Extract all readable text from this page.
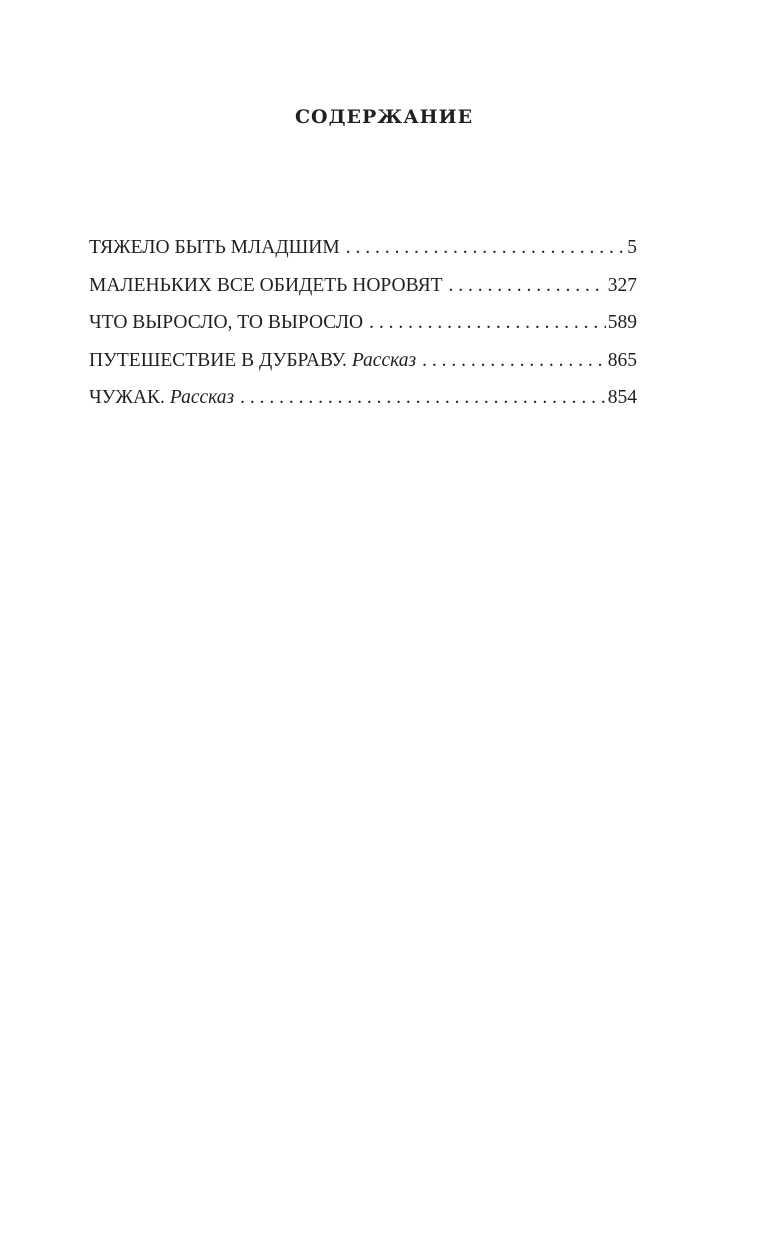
СОДЕРЖАНИЕ
ТЯЖЕЛО БЫТЬ МЛАДШИМ . . .	5
МАЛЕНЬКИХ ВСЕ ОБИДЕТЬ НОРОВЯТ . . .	327
ЧТО ВЫРОСЛО, ТО ВЫРОСЛО . . .	589
ПУТЕШЕСТВИЕ В ДУБРАВУ. Рассказ . . .	865
ЧУЖАК. Рассказ . . .	854
